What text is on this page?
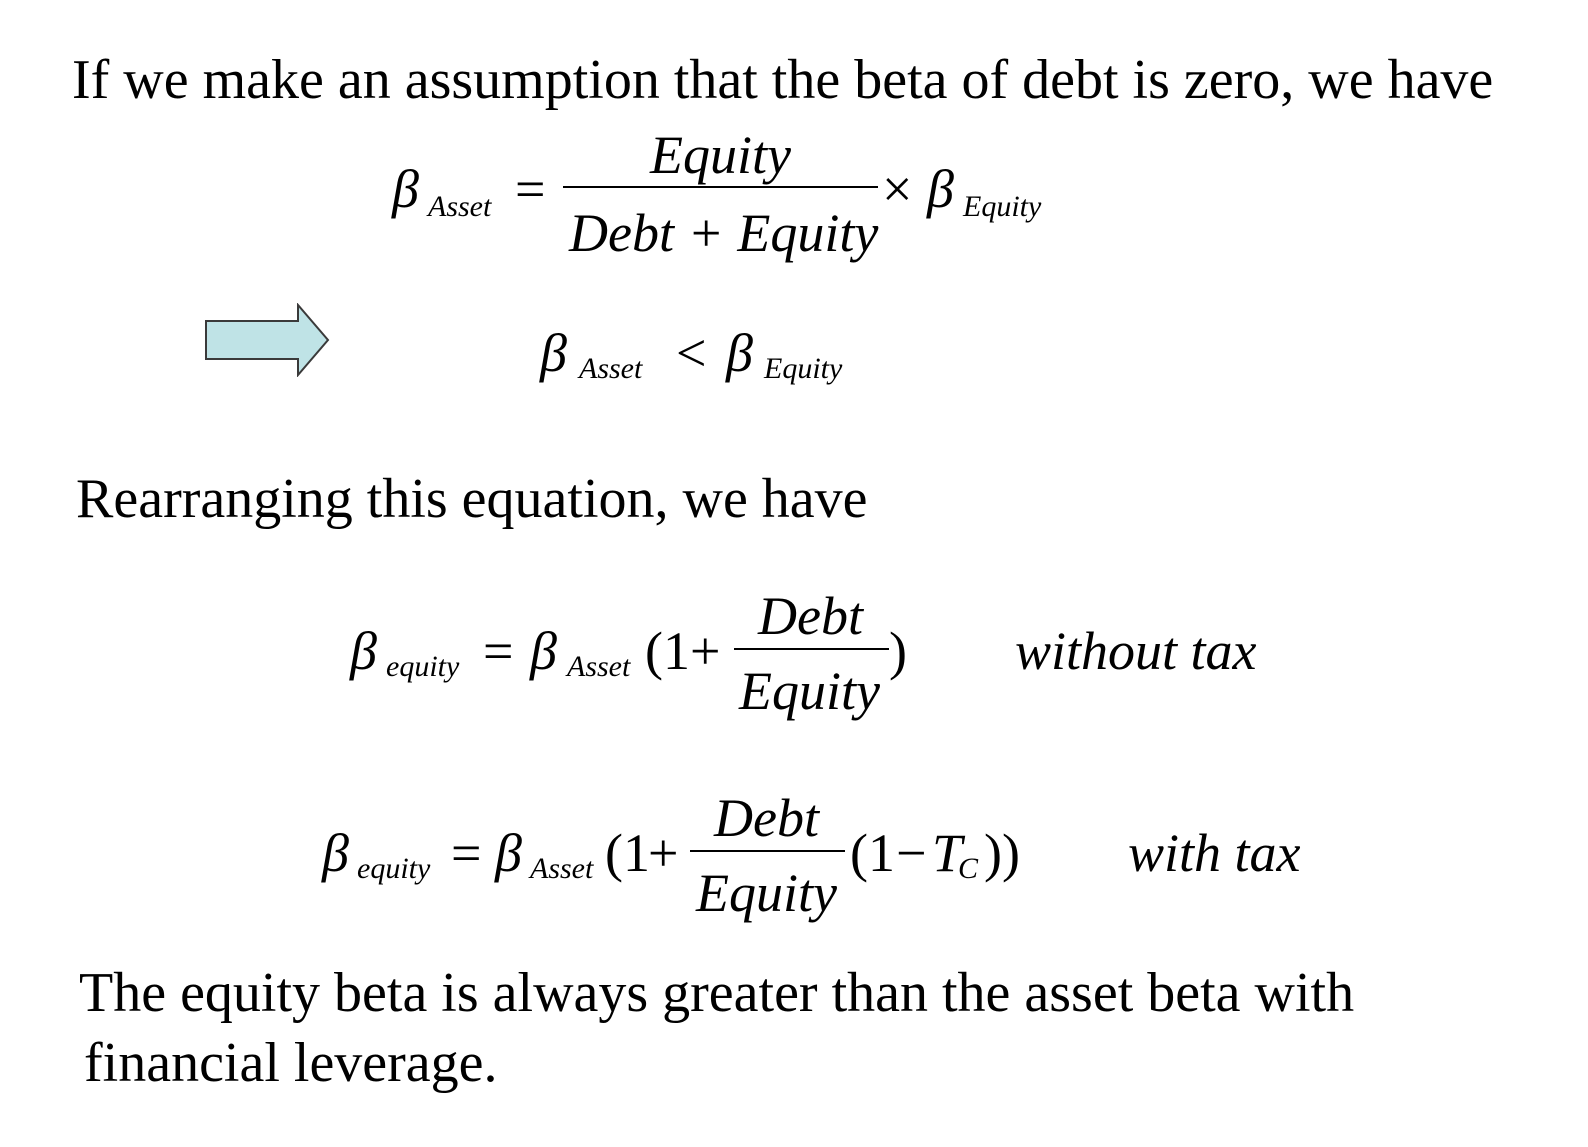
If we make an assumption that the beta of debt is zero, we have
β Asset =
Equity
Debt + Equity
× β Equity
β Asset < β Equity
Rearranging this equation, we have
β equity = β Asset ( 1 +
Debt
Equity
) without tax
β equity = β Asset ( 1
+
Debt
Equity
( 1 − T
C ) ) with tax
The equity beta is always greater than the asset beta with
financial leverage.
